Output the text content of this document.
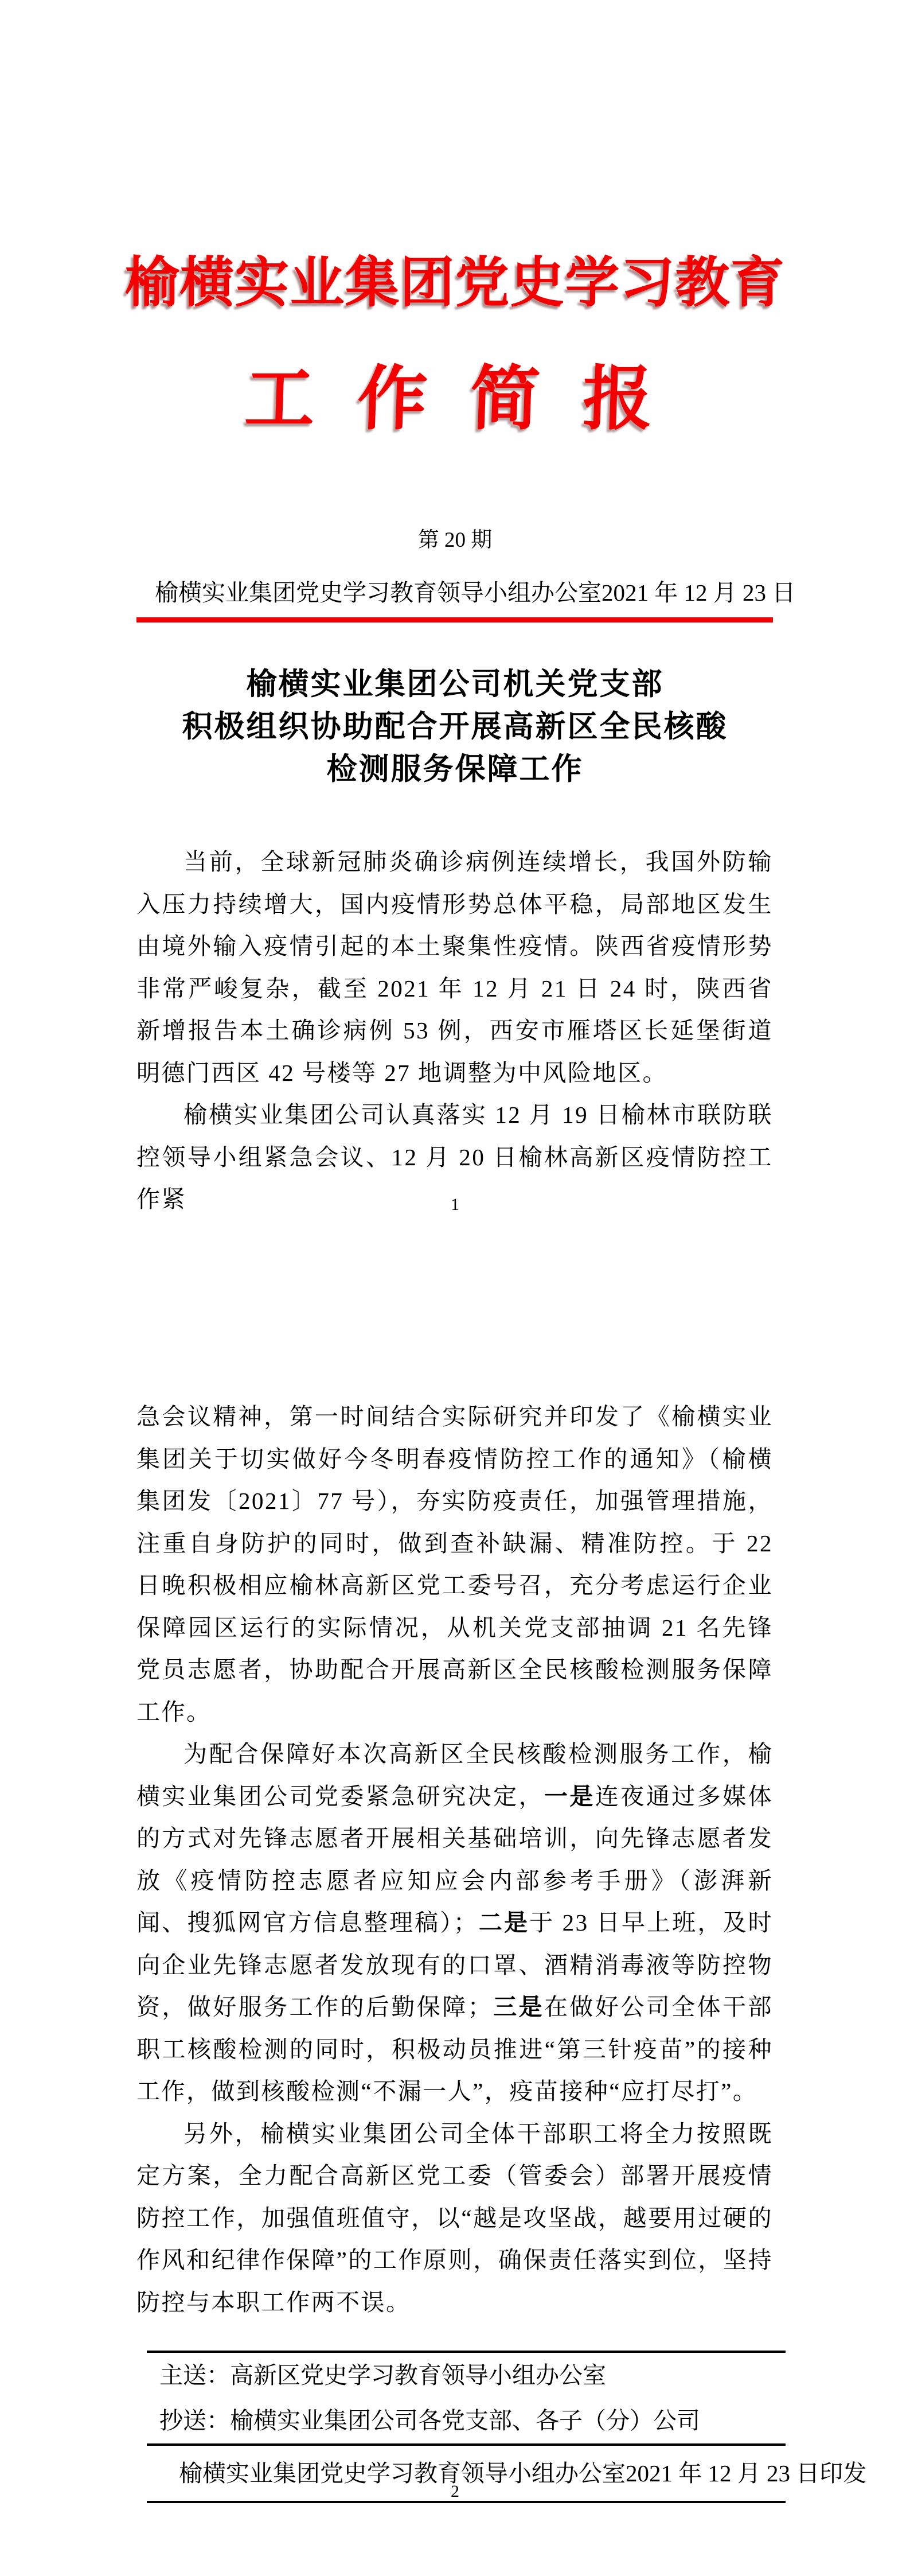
榆横实业集团党史学习教育
工 作 简 报
第 20 期
榆横实业集团党史学习教育领导小组办公室 2021 年 12 月 23 日
榆横实业集团公司机关党支部
积极组织协助配合开展高新区全民核酸
检测服务保障工作

当前，全球新冠肺炎确诊病例连续增长，我国外防输入压力持续增大，国内疫情形势总体平稳，局部地区发生由境外输入疫情引起的本土聚集性疫情。陕西省疫情形势非常严峻复杂，截至 2021 年 12 月 21 日 24 时，陕西省新增报告本土确诊病例 53 例，西安市雁塔区长延堡街道明德门西区 42 号楼等 27 地调整为中风险地区。

榆横实业集团公司认真落实 12 月 19 日榆林市联防联控领导小组紧急会议、12 月 20 日榆林高新区疫情防控工作紧	1

急会议精神，第一时间结合实际研究并印发了《榆横实业集团关于切实做好今冬明春疫情防控工作的通知》（榆横集团发〔2021〕77 号），夯实防疫责任，加强管理措施，注重自身防护的同时，做到查补缺漏、精准防控。于 22 日晚积极相应榆林高新区党工委号召，充分考虑运行企业保障园区运行的实际情况，从机关党支部抽调 21 名先锋党员志愿者，协助配合开展高新区全民核酸检测服务保障工作。

为配合保障好本次高新区全民核酸检测服务工作，榆横实业集团公司党委紧急研究决定，一是连夜通过多媒体的方式对先锋志愿者开展相关基础培训，向先锋志愿者发放《疫情防控志愿者应知应会内部参考手册》（澎湃新闻、搜狐网官方信息整理稿）；二是于 23 日早上班，及时向企业先锋志愿者发放现有的口罩、酒精消毒液等防控物资，做好服务工作的后勤保障；三是在做好公司全体干部职工核酸检测的同时，积极动员推进“第三针疫苗”的接种工作，做到核酸检测“不漏一人”，疫苗接种“应打尽打”。

另外，榆横实业集团公司全体干部职工将全力按照既定方案，全力配合高新区党工委（管委会）部署开展疫情防控工作，加强值班值守，以“越是攻坚战，越要用过硬的作风和纪律作保障”的工作原则，确保责任落实到位，坚持防控与本职工作两不误。

主送：高新区党史学习教育领导小组办公室
抄送：榆横实业集团公司各党支部、各子（分）公司
榆横实业集团党史学习教育领导小组办公室 2021 年 12 月 23 日印发
2
